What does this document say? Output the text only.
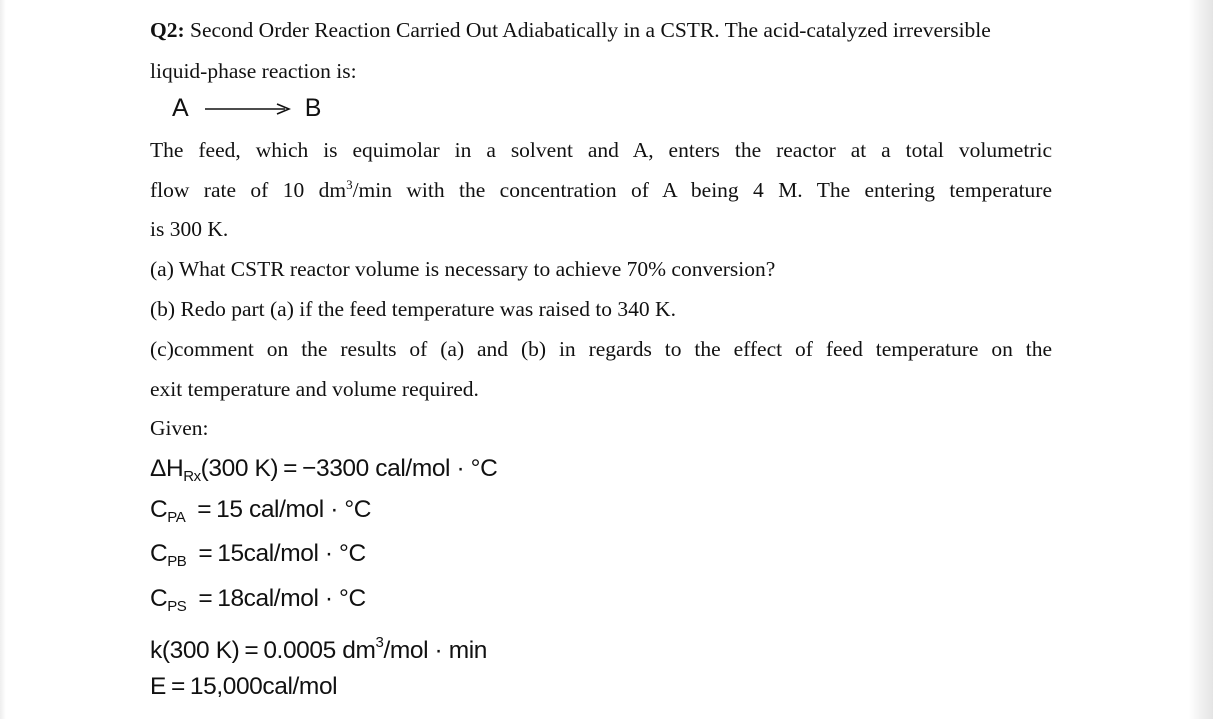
Q2: Second Order Reaction Carried Out Adiabatically in a CSTR. The acid-catalyzed irreversible
liquid-phase reaction is:
A	B
The feed, which is equimolar in a solvent and A, enters the reactor at a total volumetric
flow rate of 10 $dm^3/\min$ with the concentration of A being 4 M. The entering temperature
is 300 K.
(a) What CSTR reactor volume is necessary to achieve 70% conversion?
(b) Redo part (a) if the feed temperature was raised to 340 K.
(c)comment on the results of (a) and (b) in regards to the effect of feed temperature on the
exit temperature and volume required.
Given:
$\Delta H_{Rx}(300$ K) = −3300 cal/mol · °C
$C_{PA} = 15$ cal/mol · °C
$C_{PB} = 15cal/mol \cdot ^\circ C$
$C_{PS} = 18cal/mol \cdot ^\circ C$
k(300 K) = 0.0005 $dm^3$/mol · min
E = 15,000cal/mol
